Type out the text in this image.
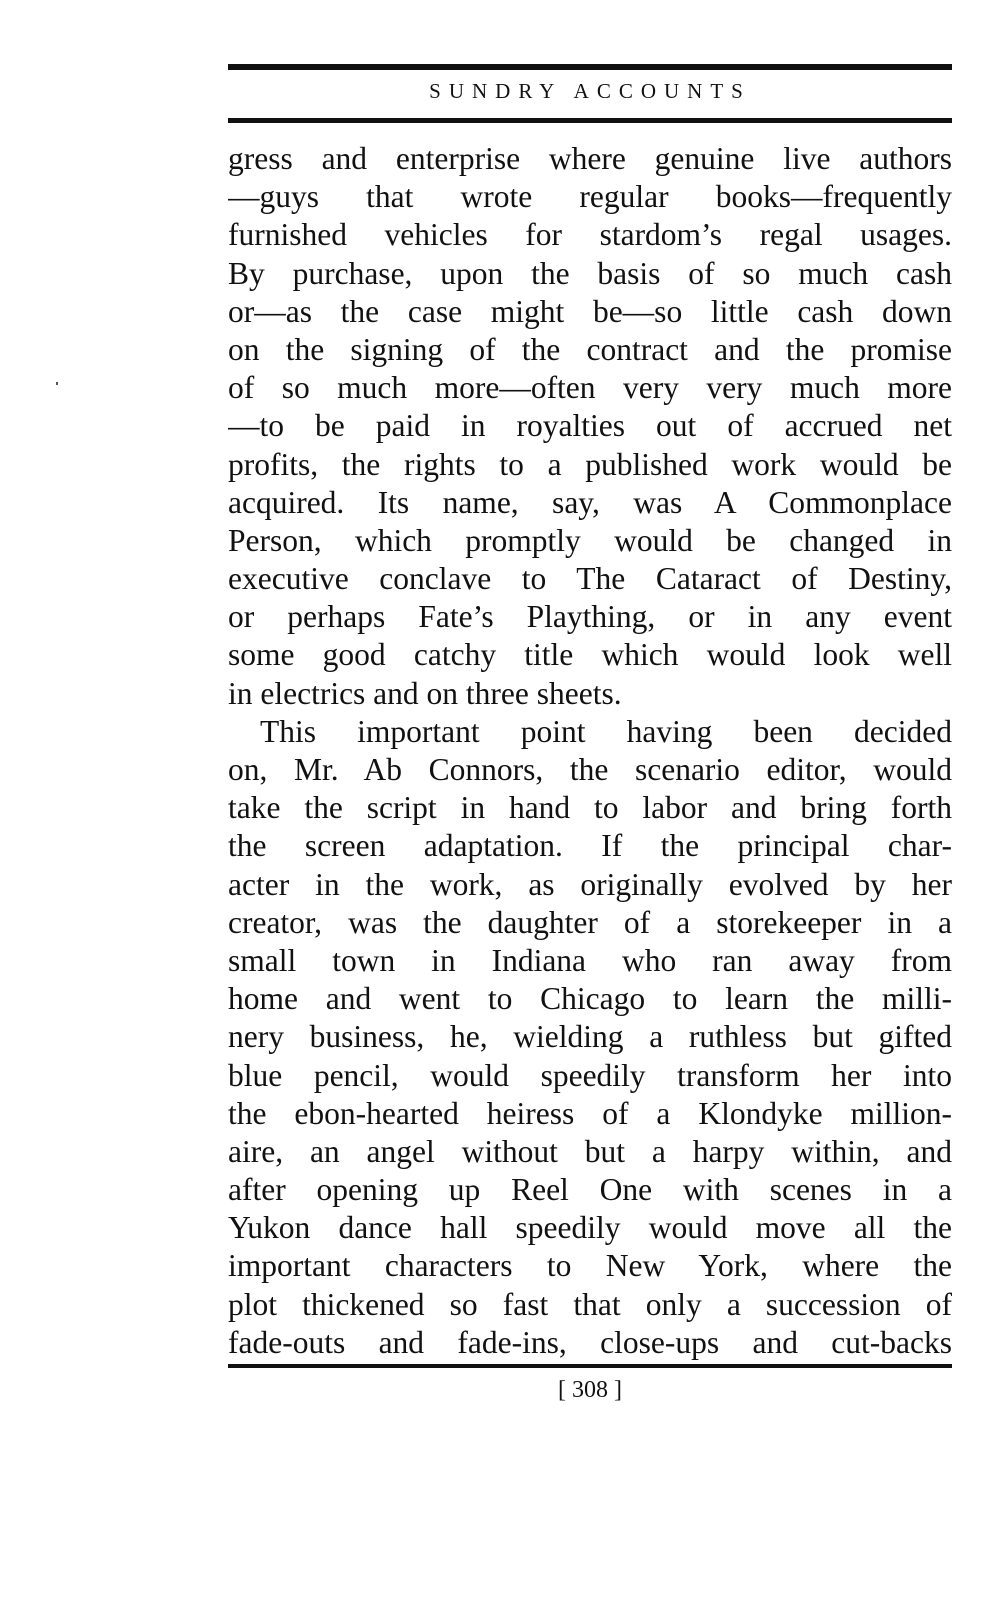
SUNDRY ACCOUNTS
gress and enterprise where genuine live authors
—guys that wrote regular books—frequently
furnished vehicles for stardom’s regal usages.
By purchase, upon the basis of so much cash
or—as the case might be—so little cash down
on the signing of the contract and the promise
of so much more—often very very much more
—to be paid in royalties out of accrued net
profits, the rights to a published work would be
acquired. Its name, say, was A Commonplace
Person, which promptly would be changed in
executive conclave to The Cataract of Destiny,
or perhaps Fate’s Plaything, or in any event
some good catchy title which would look well
in electrics and on three sheets.
This important point having been decided
on, Mr. Ab Connors, the scenario editor, would
take the script in hand to labor and bring forth
the screen adaptation. If the principal char-
acter in the work, as originally evolved by her
creator, was the daughter of a storekeeper in a
small town in Indiana who ran away from
home and went to Chicago to learn the milli-
nery business, he, wielding a ruthless but gifted
blue pencil, would speedily transform her into
the ebon-hearted heiress of a Klondyke million-
aire, an angel without but a harpy within, and
after opening up Reel One with scenes in a
Yukon dance hall speedily would move all the
important characters to New York, where the
plot thickened so fast that only a succession of
fade-outs and fade-ins, close-ups and cut-backs
[ 308 ]
